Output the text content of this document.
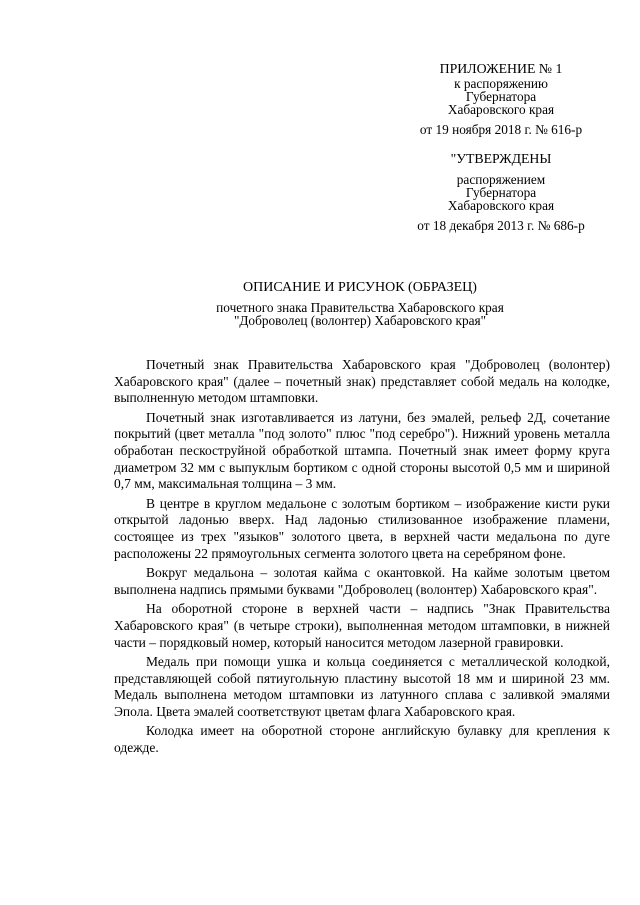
ПРИЛОЖЕНИЕ № 1
к распоряжению
Губернатора
Хабаровского края
от 19 ноября 2018 г. № 616-р
"УТВЕРЖДЕНЫ
распоряжением
Губернатора
Хабаровского края
от 18 декабря 2013 г. № 686-р
ОПИСАНИЕ И РИСУНОК (ОБРАЗЕЦ)
почетного знака Правительства Хабаровского края
"Доброволец (волонтер) Хабаровского края"

Почетный знак Правительства Хабаровского края "Доброволец (волонтер) Хабаровского края" (далее – почетный знак) представляет собой медаль на колодке, выполненную методом штамповки.

Почетный знак изготавливается из латуни, без эмалей, рельеф 2Д, сочетание покрытий (цвет металла "под золото" плюс "под серебро"). Нижний уровень металла обработан пескоструйной обработкой штампа. Почетный знак имеет форму круга диаметром 32 мм с выпуклым бортиком с одной стороны высотой 0,5 мм и шириной 0,7 мм, максимальная толщина – 3 мм.

В центре в круглом медальоне с золотым бортиком – изображение кисти руки открытой ладонью вверх. Над ладонью стилизованное изображение пламени, состоящее из трех "языков" золотого цвета, в верхней части медальона по дуге расположены 22 прямоугольных сегмента золотого цвета на серебряном фоне.

Вокруг медальона – золотая кайма с окантовкой. На кайме золотым цветом выполнена надпись прямыми буквами "Доброволец (волонтер) Хабаровского края".

На оборотной стороне в верхней части – надпись "Знак Правительства Хабаровского края" (в четыре строки), выполненная методом штамповки, в нижней части – порядковый номер, который наносится методом лазерной гравировки.

Медаль при помощи ушка и кольца соединяется с металлической колодкой, представляющей собой пятиугольную пластину высотой 18 мм и шириной 23 мм. Медаль выполнена методом штамповки из латунного сплава с заливкой эмалями Эпола. Цвета эмалей соответствуют цветам флага Хабаровского края.

Колодка имеет на оборотной стороне английскую булавку для крепления к одежде.
